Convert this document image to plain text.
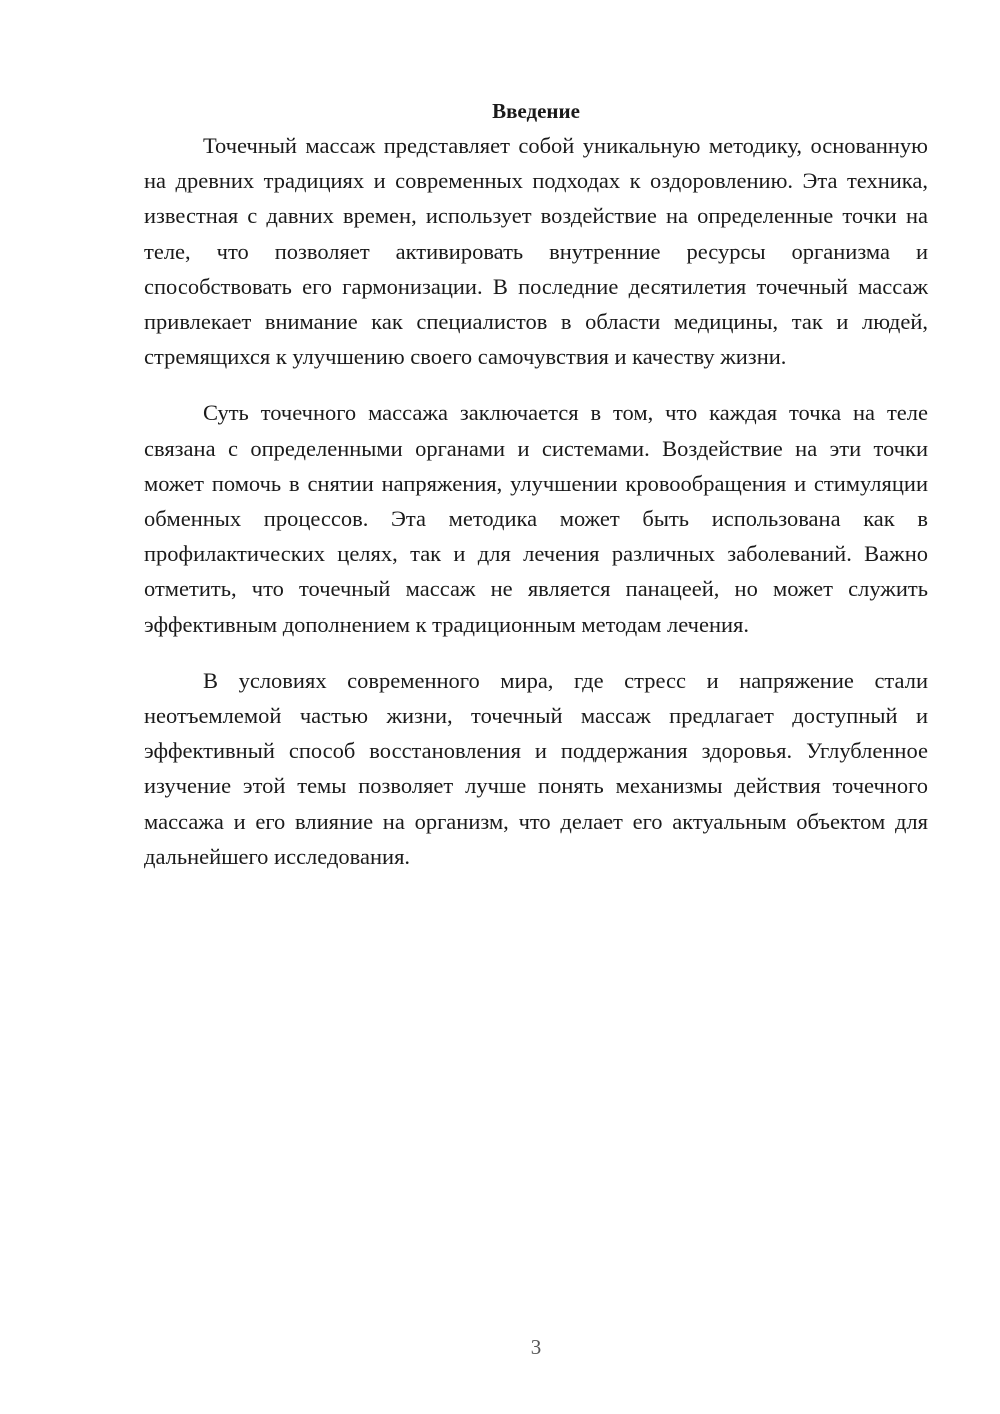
Введение

Точечный массаж представляет собой уникальную методику, основанную на древних традициях и современных подходах к оздоровлению. Эта техника, известная с давних времен, использует воздействие на определенные точки на теле, что позволяет активировать внутренние ресурсы организма и способствовать его гармонизации. В последние десятилетия точечный массаж привлекает внимание как специалистов в области медицины, так и людей, стремящихся к улучшению своего самочувствия и качеству жизни.

Суть точечного массажа заключается в том, что каждая точка на теле связана с определенными органами и системами. Воздействие на эти точки может помочь в снятии напряжения, улучшении кровообращения и стимуляции обменных процессов. Эта методика может быть использована как в профилактических целях, так и для лечения различных заболеваний. Важно отметить, что точечный массаж не является панацеей, но может служить эффективным дополнением к традиционным методам лечения.

В условиях современного мира, где стресс и напряжение стали неотъемлемой частью жизни, точечный массаж предлагает доступный и эффективный способ восстановления и поддержания здоровья. Углубленное изучение этой темы позволяет лучше понять механизмы действия точечного массажа и его влияние на организм, что делает его актуальным объектом для дальнейшего исследования.

3
